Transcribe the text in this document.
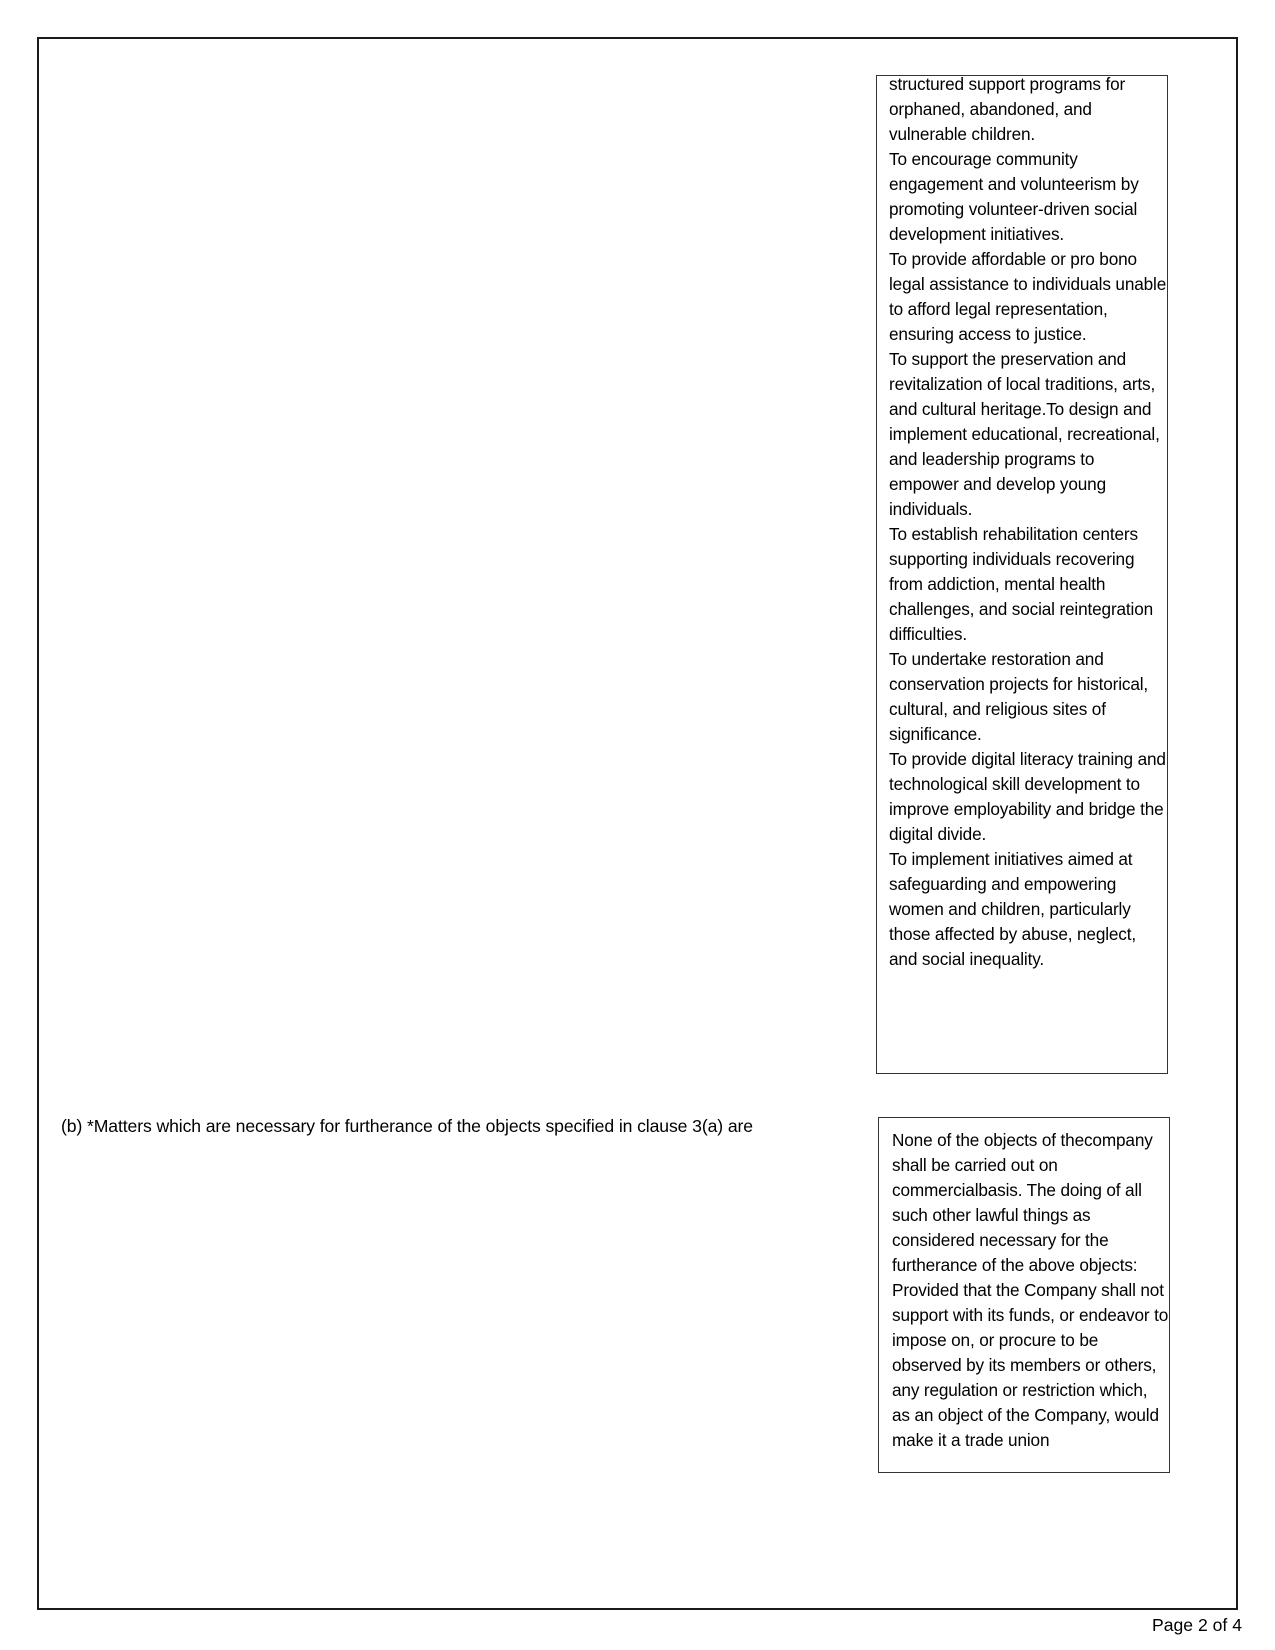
structured support programs for orphaned, abandoned, and vulnerable children.
To encourage community engagement and volunteerism by promoting volunteer-driven social development initiatives.
To provide affordable or pro bono legal assistance to individuals unable to afford legal representation, ensuring access to justice.
To support the preservation and revitalization of local traditions, arts, and cultural heritage.To design and implement educational, recreational, and leadership programs to empower and develop young individuals.
To establish rehabilitation centers supporting individuals recovering from addiction, mental health challenges, and social reintegration difficulties.
To undertake restoration and conservation projects for historical, cultural, and religious sites of significance.
To provide digital literacy training and technological skill development to improve employability and bridge the digital divide.
To implement initiatives aimed at safeguarding and empowering women and children, particularly those affected by abuse, neglect, and social inequality.
(b) *Matters which are necessary for furtherance of the objects specified in clause 3(a) are
None of the objects of thecompany shall be carried out on commercialbasis. The doing of all such other lawful things as considered necessary for the furtherance of the above objects: Provided that the Company shall not support with its funds, or endeavor to impose on, or procure to be observed by its members or others, any regulation or restriction which, as an object of the Company, would make it a trade union
Page 2 of 4
